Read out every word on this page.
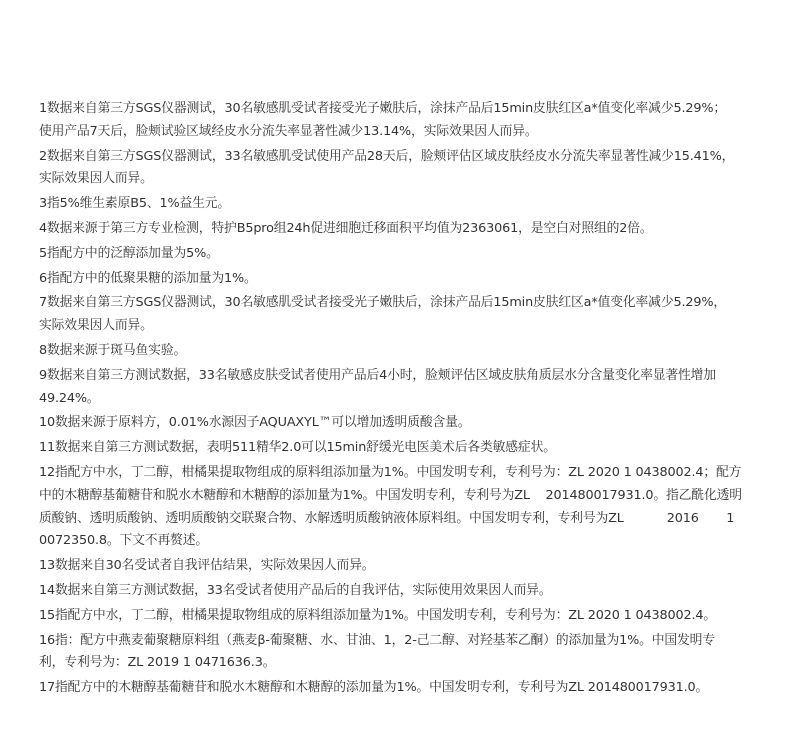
1数据来自第三方SGS仪器测试，30名敏感肌受试者接受光子嫩肤后，涂抹产品后15min皮肤红区a*值变化率减少5.29%；
使用产品7天后，脸颊试验区域经皮水分流失率显著性减少13.14%，实际效果因人而异。

2数据来自第三方SGS仪器测试，33名敏感肌受试使用产品28天后，脸颊评估区域皮肤经皮水分流失率显著性减少15.41%，
实际效果因人而异。

3指5%维生素原B5、1%益生元。

4数据来源于第三方专业检测，特护B5pro组24h促进细胞迁移面积平均值为2363061，是空白对照组的2倍。

5指配方中的泛醇添加量为5%。

6指配方中的低聚果糖的添加量为1%。

7数据来自第三方SGS仪器测试，30名敏感肌受试者接受光子嫩肤后，涂抹产品后15min皮肤红区a*值变化率减少5.29%，
实际效果因人而异。

8数据来源于斑马鱼实验。

9数据来自第三方测试数据，33名敏感皮肤受试者使用产品后4小时，脸颊评估区域皮肤角质层水分含量变化率显著性增加
49.24%。

10数据来源于原料方，0.01%水源因子AQUAXYL™可以增加透明质酸含量。

11数据来自第三方测试数据，表明511精华2.0可以15min舒缓光电医美术后各类敏感症状。

12指配方中水，丁二醇，柑橘果提取物组成的原料组添加量为1%。中国发明专利，专利号为：ZL 2020 1 0438002.4；配方
中的木糖醇基葡糖苷和脱水木糖醇和木糖醇的添加量为1%。中国发明专利，专利号为ZL    201480017931.0。指乙酰化透明
质酸钠、透明质酸钠、透明质酸钠交联聚合物、水解透明质酸钠液体原料组。中国发明专利，专利号为ZL           2016       1
0072350.8。下文不再赘述。

13数据来自30名受试者自我评估结果，实际效果因人而异。

14数据来自第三方测试数据，33名受试者使用产品后的自我评估，实际使用效果因人而异。

15指配方中水，丁二醇，柑橘果提取物组成的原料组添加量为1%。中国发明专利，专利号为：ZL 2020 1 0438002.4。

16指：配方中燕麦葡聚糖原料组（燕麦β-葡聚糖、水、甘油、1，2-己二醇、对羟基苯乙酮）的添加量为1%。中国发明专
利，专利号为：ZL 2019 1 0471636.3。

17指配方中的木糖醇基葡糖苷和脱水木糖醇和木糖醇的添加量为1%。中国发明专利，专利号为ZL 201480017931.0。
